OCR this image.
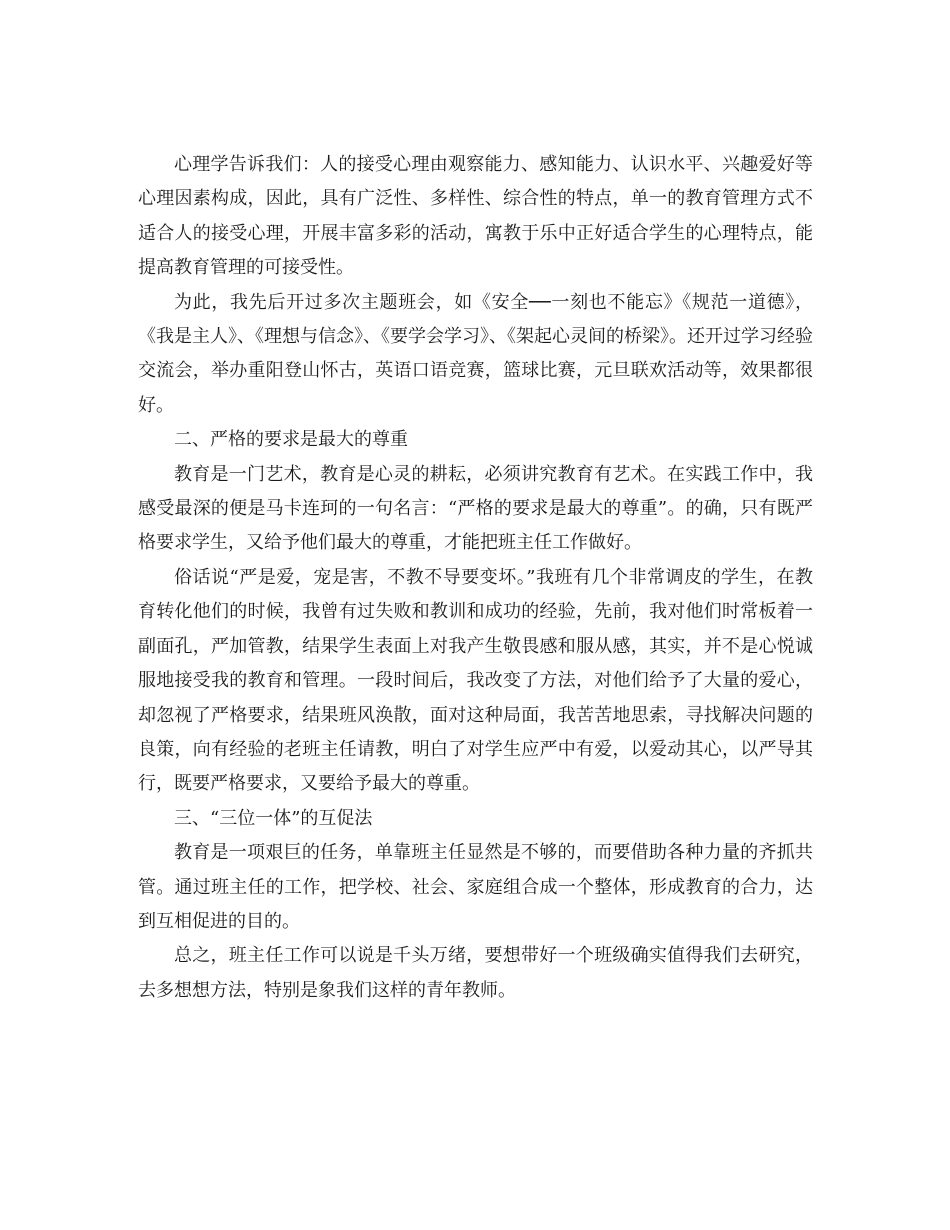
心理学告诉我们：人的接受心理由观察能力、感知能力、认识水平、兴趣爱好等心理因素构成，因此，具有广泛性、多样性、综合性的特点，单一的教育管理方式不适合人的接受心理，开展丰富多彩的活动，寓教于乐中正好适合学生的心理特点，能提高教育管理的可接受性。

为此，我先后开过多次主题班会，如《安全──一刻也不能忘》《规范一道德》，《我是主人》、《理想与信念》、《要学会学习》、《架起心灵间的桥梁》。还开过学习经验交流会，举办重阳登山怀古，英语口语竞赛，篮球比赛，元旦联欢活动等，效果都很好。

二、严格的要求是最大的尊重

教育是一门艺术，教育是心灵的耕耘，必须讲究教育有艺术。在实践工作中，我感受最深的便是马卡连珂的一句名言：“严格的要求是最大的尊重”。的确，只有既严格要求学生，又给予他们最大的尊重，才能把班主任工作做好。

俗话说“严是爱，宠是害，不教不导要变坏。”我班有几个非常调皮的学生，在教育转化他们的时候，我曾有过失败和教训和成功的经验，先前，我对他们时常板着一副面孔，严加管教，结果学生表面上对我产生敬畏感和服从感，其实，并不是心悦诚服地接受我的教育和管理。一段时间后，我改变了方法，对他们给予了大量的爱心，却忽视了严格要求，结果班风涣散，面对这种局面，我苦苦地思索，寻找解决问题的良策，向有经验的老班主任请教，明白了对学生应严中有爱，以爱动其心，以严导其行，既要严格要求，又要给予最大的尊重。

三、“三位一体”的互促法

教育是一项艰巨的任务，单靠班主任显然是不够的，而要借助各种力量的齐抓共管。通过班主任的工作，把学校、社会、家庭组合成一个整体，形成教育的合力，达到互相促进的目的。

总之，班主任工作可以说是千头万绪，要想带好一个班级确实值得我们去研究，去多想想方法，特别是象我们这样的青年教师。
